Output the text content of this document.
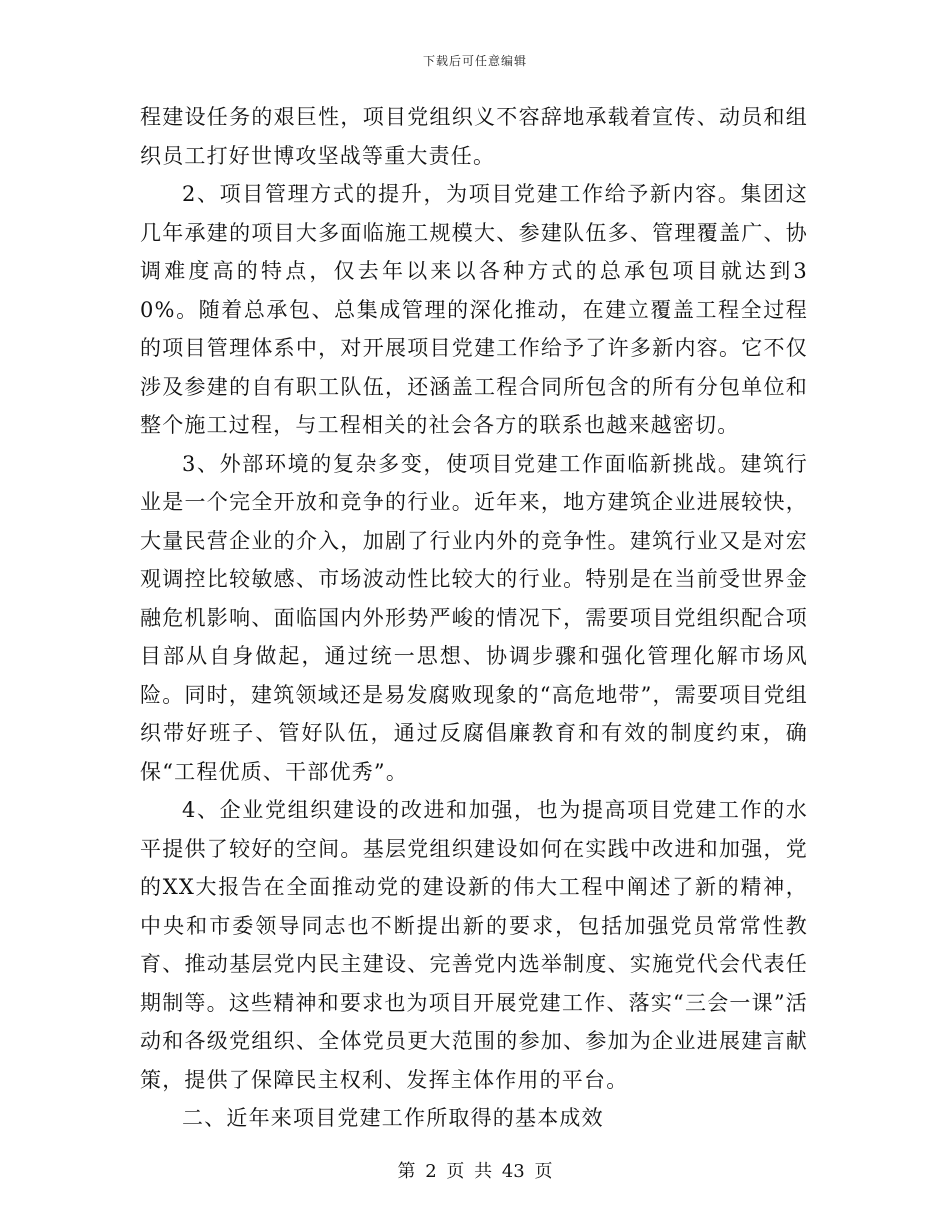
下载后可任意编辑

程建设任务的艰巨性，项目党组织义不容辞地承载着宣传、动员和组织员工打好世博攻坚战等重大责任。

2、项目管理方式的提升，为项目党建工作给予新内容。集团这几年承建的项目大多面临施工规模大、参建队伍多、管理覆盖广、协调难度高的特点，仅去年以来以各种方式的总承包项目就达到30%。随着总承包、总集成管理的深化推动，在建立覆盖工程全过程的项目管理体系中，对开展项目党建工作给予了许多新内容。它不仅涉及参建的自有职工队伍，还涵盖工程合同所包含的所有分包单位和整个施工过程，与工程相关的社会各方的联系也越来越密切。

3、外部环境的复杂多变，使项目党建工作面临新挑战。建筑行业是一个完全开放和竞争的行业。近年来，地方建筑企业进展较快，大量民营企业的介入，加剧了行业内外的竞争性。建筑行业又是对宏观调控比较敏感、市场波动性比较大的行业。特别是在当前受世界金融危机影响、面临国内外形势严峻的情况下，需要项目党组织配合项目部从自身做起，通过统一思想、协调步骤和强化管理化解市场风险。同时，建筑领域还是易发腐败现象的“高危地带”，需要项目党组织带好班子、管好队伍，通过反腐倡廉教育和有效的制度约束，确保“工程优质、干部优秀”。

4、企业党组织建设的改进和加强，也为提高项目党建工作的水平提供了较好的空间。基层党组织建设如何在实践中改进和加强，党的XX大报告在全面推动党的建设新的伟大工程中阐述了新的精神，中央和市委领导同志也不断提出新的要求，包括加强党员常常性教育、推动基层党内民主建设、完善党内选举制度、实施党代会代表任期制等。这些精神和要求也为项目开展党建工作、落实“三会一课”活动和各级党组织、全体党员更大范围的参加、参加为企业进展建言献策，提供了保障民主权利、发挥主体作用的平台。

二、近年来项目党建工作所取得的基本成效

第 2 页 共 43 页
